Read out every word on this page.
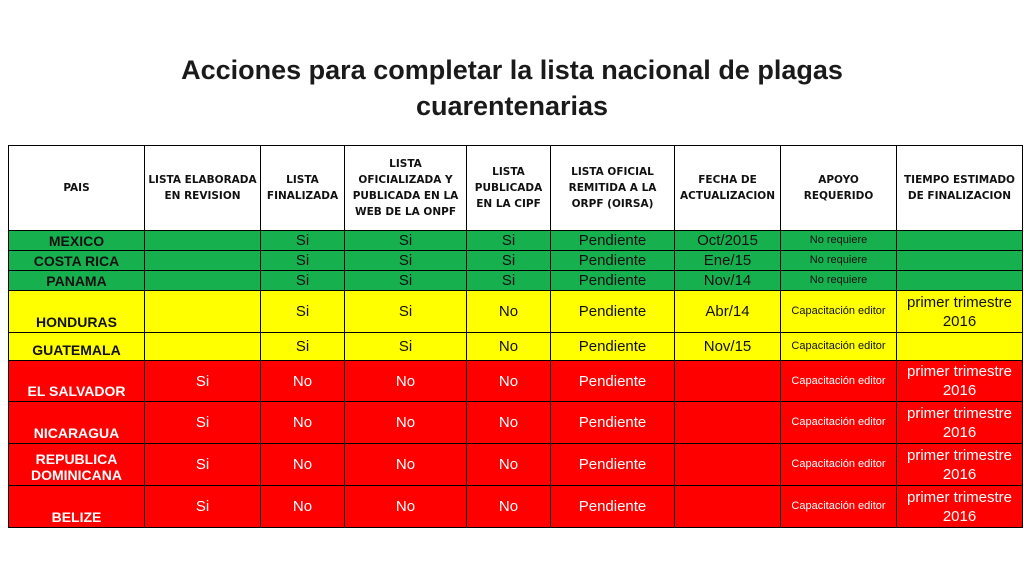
Acciones para completar la lista nacional de plagas
cuarentenarias
PAIS	LISTA ELABORADA EN REVISION	LISTA FINALIZADA	LISTA OFICIALIZADA Y PUBLICADA EN LA WEB DE LA ONPF	LISTA PUBLICADA EN LA CIPF	LISTA OFICIAL REMITIDA A LA ORPF (OIRSA)	FECHA DE ACTUALIZACION	APOYO REQUERIDO	TIEMPO ESTIMADO DE FINALIZACION
MEXICO		Si	Si	Si	Pendiente	Oct/2015	No requiere	
COSTA RICA		Si	Si	Si	Pendiente	Ene/15	No requiere	
PANAMA		Si	Si	Si	Pendiente	Nov/14	No requiere	
HONDURAS		Si	Si	No	Pendiente	Abr/14	Capacitación editor	primer trimestre 2016
GUATEMALA		Si	Si	No	Pendiente	Nov/15	Capacitación editor	
EL SALVADOR	Si	No	No	No	Pendiente		Capacitación editor	primer trimestre 2016
NICARAGUA	Si	No	No	No	Pendiente		Capacitación editor	primer trimestre 2016
REPUBLICA DOMINICANA	Si	No	No	No	Pendiente		Capacitación editor	primer trimestre 2016
BELIZE	Si	No	No	No	Pendiente		Capacitación editor	primer trimestre 2016
